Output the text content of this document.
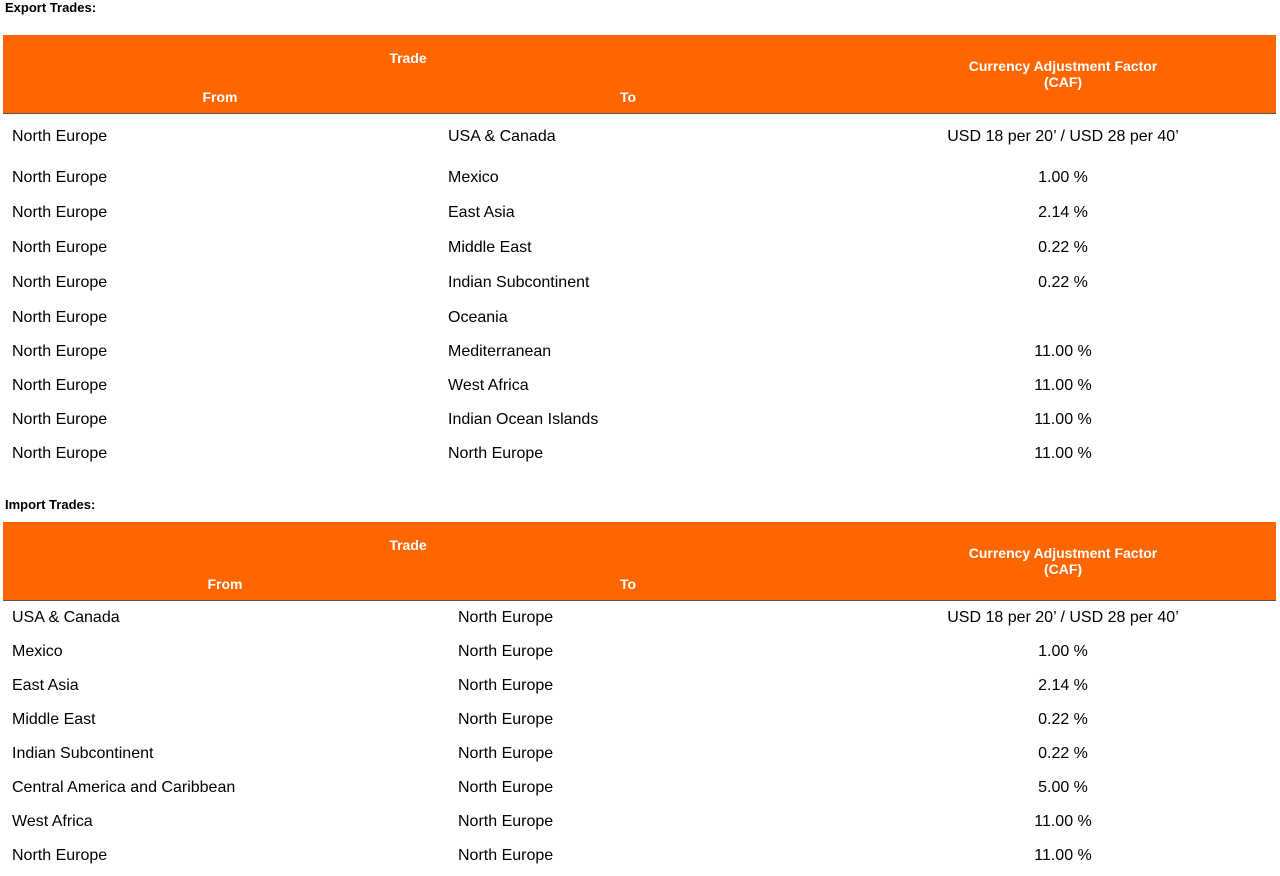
Export Trades:
Trade
From	To
Currency Adjustment Factor
(CAF)
North Europe	USA & Canada	USD 18 per 20’ / USD 28 per 40’
North Europe	Mexico	1.00 %
North Europe	East Asia	2.14 %
North Europe	Middle East	0.22 %
North Europe	Indian Subcontinent	0.22 %
North Europe	Oceania
North Europe	Mediterranean	11.00 %
North Europe	West Africa	11.00 %
North Europe	Indian Ocean Islands	11.00 %
North Europe	North Europe	11.00 %
Import Trades:
Trade
From	To
Currency Adjustment Factor
(CAF)
USA & Canada	North Europe	USD 18 per 20’ / USD 28 per 40’
Mexico	North Europe	1.00 %
East Asia	North Europe	2.14 %
Middle East	North Europe	0.22 %
Indian Subcontinent	North Europe	0.22 %
Central America and Caribbean	North Europe	5.00 %
West Africa	North Europe	11.00 %
North Europe	North Europe	11.00 %
